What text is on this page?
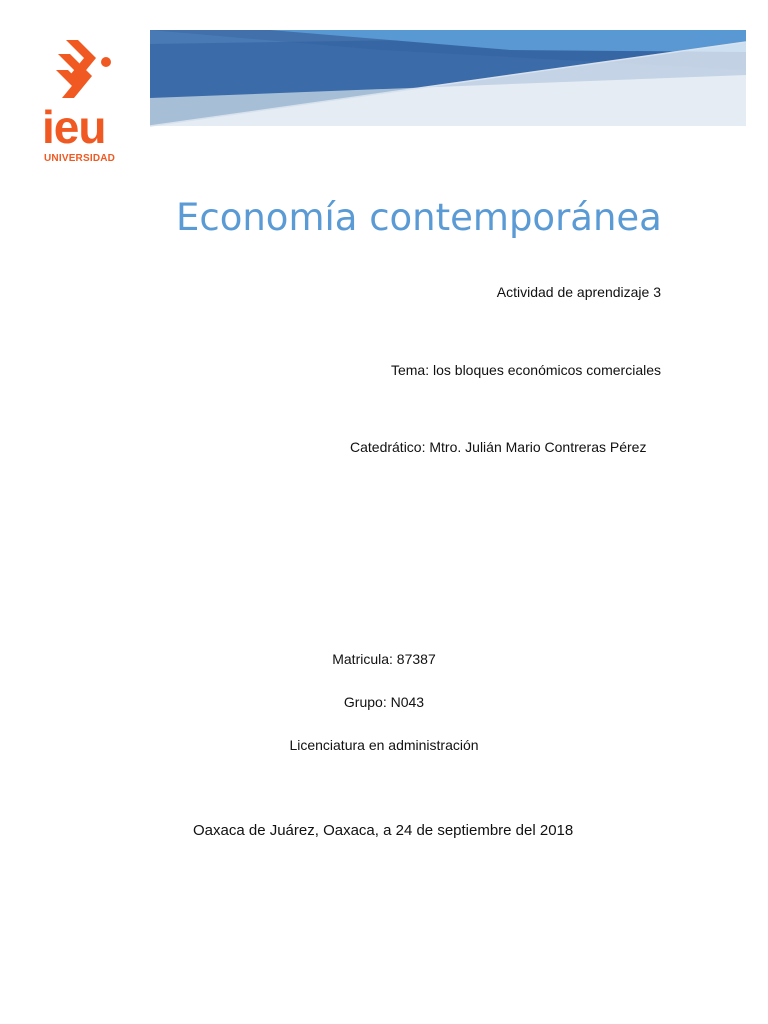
ieu
UNIVERSIDAD
Economía contemporánea
Actividad de aprendizaje 3
Tema: los bloques económicos comerciales
Catedrático: Mtro. Julián Mario Contreras Pérez
Matricula: 87387
Grupo: N043
Licenciatura en administración
Oaxaca de Juárez, Oaxaca, a 24 de septiembre del 2018
